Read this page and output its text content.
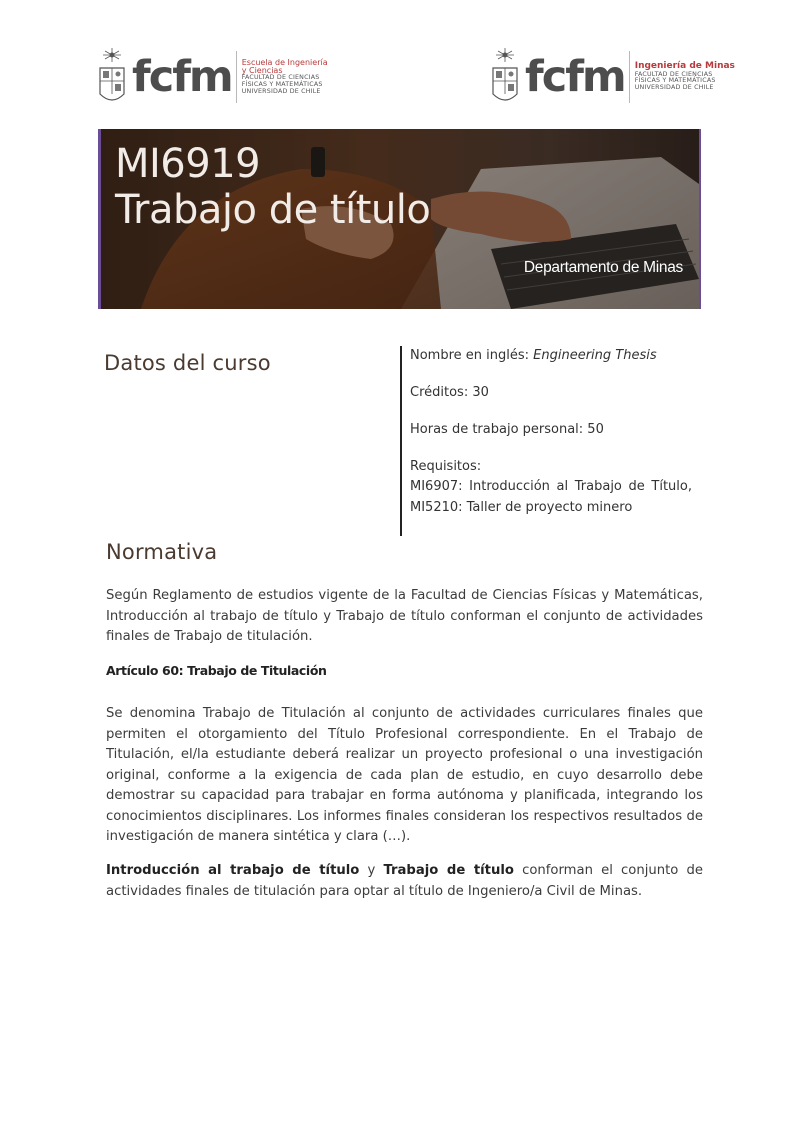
fcfm Escuela de Ingeniería
y Ciencias
FACULTAD DE CIENCIAS
FÍSICAS Y MATEMÁTICAS
UNIVERSIDAD DE CHILE	fcfm Ingeniería de Minas
FACULTAD DE CIENCIAS
FÍSICAS Y MATEMÁTICAS
UNIVERSIDAD DE CHILE
MI6919
Trabajo de título
Departamento de Minas
Datos del curso	Nombre en inglés: Engineering Thesis

Créditos: 30

Horas de trabajo personal: 50

Requisitos:

MI6907: Introducción al Trabajo de Título, MI5210: Taller de proyecto minero

Normativa

Según Reglamento de estudios vigente de la Facultad de Ciencias Físicas y Matemáticas, Introducción al trabajo de título y Trabajo de título conforman el conjunto de actividades finales de Trabajo de titulación.

Artículo 60: Trabajo de Titulación

Se denomina Trabajo de Titulación al conjunto de actividades curriculares finales que permiten el otorgamiento del Título Profesional correspondiente. En el Trabajo de Titulación, el/la estudiante deberá realizar un proyecto profesional o una investigación original, conforme a la exigencia de cada plan de estudio, en cuyo desarrollo debe demostrar su capacidad para trabajar en forma autónoma y planificada, integrando los conocimientos disciplinares. Los informes finales consideran los respectivos resultados de investigación de manera sintética y clara (…).

Introducción al trabajo de título y Trabajo de título conforman el conjunto de actividades finales de titulación para optar al título de Ingeniero/a Civil de Minas.
